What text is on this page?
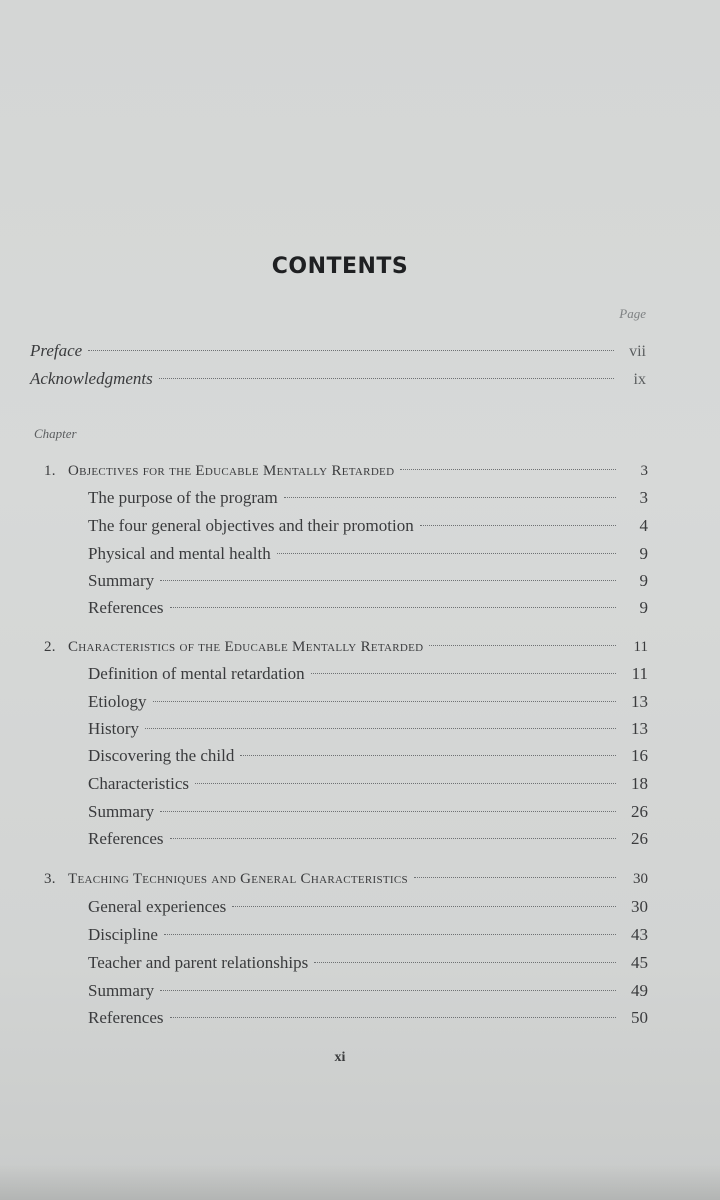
CONTENTS
Page
Preface	vii
Acknowledgments	ix
Chapter
1. Objectives for the Educable Mentally Retarded	3
The purpose of the program	3
The four general objectives and their promotion	4
Physical and mental health	9
Summary	9
References	9
2. Characteristics of the Educable Mentally Retarded	11
Definition of mental retardation	11
Etiology	13
History	13
Discovering the child	16
Characteristics	18
Summary	26
References	26
3. Teaching Techniques and General Characteristics	30
General experiences	30
Discipline	43
Teacher and parent relationships	45
Summary	49
References	50
xi
